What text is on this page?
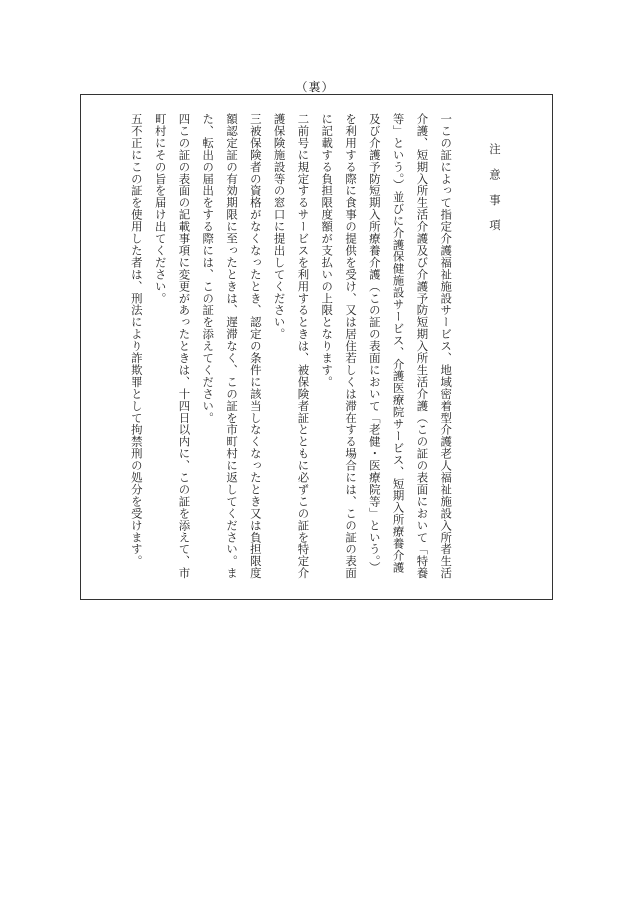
（裏）
注意事項
一この証によって指定介護福祉施設サービス、地域密着型介護老人福祉施設入所者生活介護、短期入所生活介護及び介護予防短期入所生活介護（この証の表面において「特養等」という。）並びに介護保健施設サービス、介護医療院サービス、短期入所療養介護及び介護予防短期入所療養介護（この証の表面において「老健・医療院等」という。）を利用する際に食事の提供を受け、又は居住若しくは滞在する場合には、この証の表面に記載する負担限度額が支払いの上限となります。
二前号に規定するサービスを利用するときは、被保険者証とともに必ずこの証を特定介護保険施設等の窓口に提出してください。
三被保険者の資格がなくなったとき、認定の条件に該当しなくなったとき又は負担限度額認定証の有効期限に至ったときは、遅滞なく、この証を市町村に返してください。また、転出の届出をする際には、この証を添えてください。
四この証の表面の記載事項に変更があったときは、十四日以内に、この証を添えて、市町村にその旨を届け出てください。
五不正にこの証を使用した者は、刑法により詐欺罪として拘禁刑の処分を受けます。
